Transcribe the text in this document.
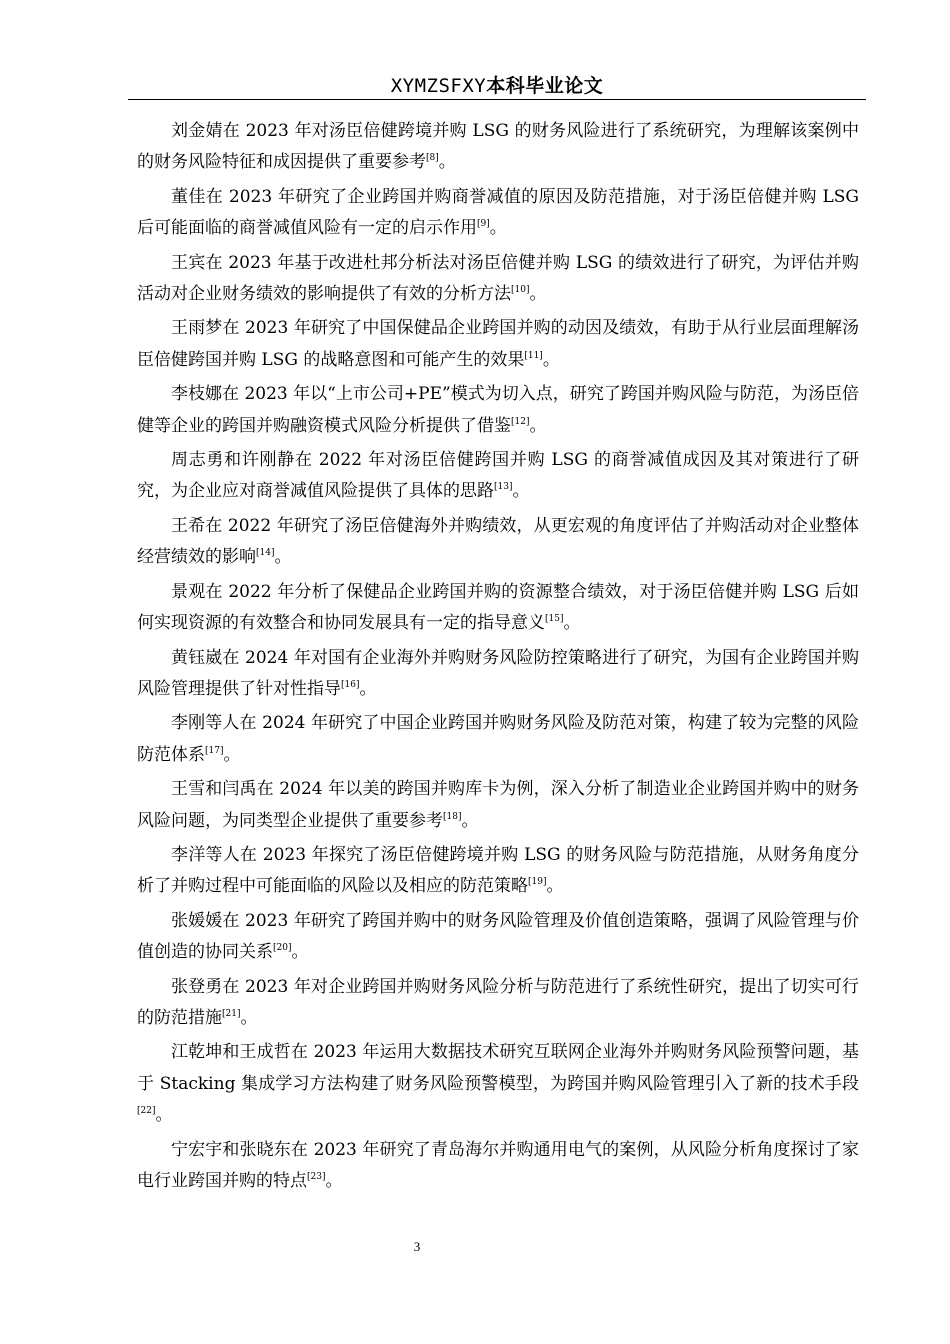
XYMZSFXY本科毕业论文

刘金婧在 2023 年对汤臣倍健跨境并购 LSG 的财务风险进行了系统研究，为理解该案例中的财务风险特征和成因提供了重要参考[8]。

董佳在 2023 年研究了企业跨国并购商誉减值的原因及防范措施，对于汤臣倍健并购 LSG 后可能面临的商誉减值风险有一定的启示作用[9]。

王宾在 2023 年基于改进杜邦分析法对汤臣倍健并购 LSG 的绩效进行了研究，为评估并购活动对企业财务绩效的影响提供了有效的分析方法[10]。

王雨梦在 2023 年研究了中国保健品企业跨国并购的动因及绩效，有助于从行业层面理解汤臣倍健跨国并购 LSG 的战略意图和可能产生的效果[11]。

李枝娜在 2023 年以“上市公司+PE”模式为切入点，研究了跨国并购风险与防范，为汤臣倍健等企业的跨国并购融资模式风险分析提供了借鉴[12]。

周志勇和许刚静在 2022 年对汤臣倍健跨国并购 LSG 的商誉减值成因及其对策进行了研究，为企业应对商誉减值风险提供了具体的思路[13]。

王希在 2022 年研究了汤臣倍健海外并购绩效，从更宏观的角度评估了并购活动对企业整体经营绩效的影响[14]。

景观在 2022 年分析了保健品企业跨国并购的资源整合绩效，对于汤臣倍健并购 LSG 后如何实现资源的有效整合和协同发展具有一定的指导意义[15]。

黄钰崴在 2024 年对国有企业海外并购财务风险防控策略进行了研究，为国有企业跨国并购风险管理提供了针对性指导[16]。

李刚等人在 2024 年研究了中国企业跨国并购财务风险及防范对策，构建了较为完整的风险防范体系[17]。

王雪和闫禹在 2024 年以美的跨国并购库卡为例，深入分析了制造业企业跨国并购中的财务风险问题，为同类型企业提供了重要参考[18]。

李洋等人在 2023 年探究了汤臣倍健跨境并购 LSG 的财务风险与防范措施，从财务角度分析了并购过程中可能面临的风险以及相应的防范策略[19]。

张媛媛在 2023 年研究了跨国并购中的财务风险管理及价值创造策略，强调了风险管理与价值创造的协同关系[20]。

张登勇在 2023 年对企业跨国并购财务风险分析与防范进行了系统性研究，提出了切实可行的防范措施[21]。

江乾坤和王成哲在 2023 年运用大数据技术研究互联网企业海外并购财务风险预警问题，基于 Stacking 集成学习方法构建了财务风险预警模型，为跨国并购风险管理引入了新的技术手段[22]。

宁宏宇和张晓东在 2023 年研究了青岛海尔并购通用电气的案例，从风险分析角度探讨了家电行业跨国并购的特点[23]。

3
